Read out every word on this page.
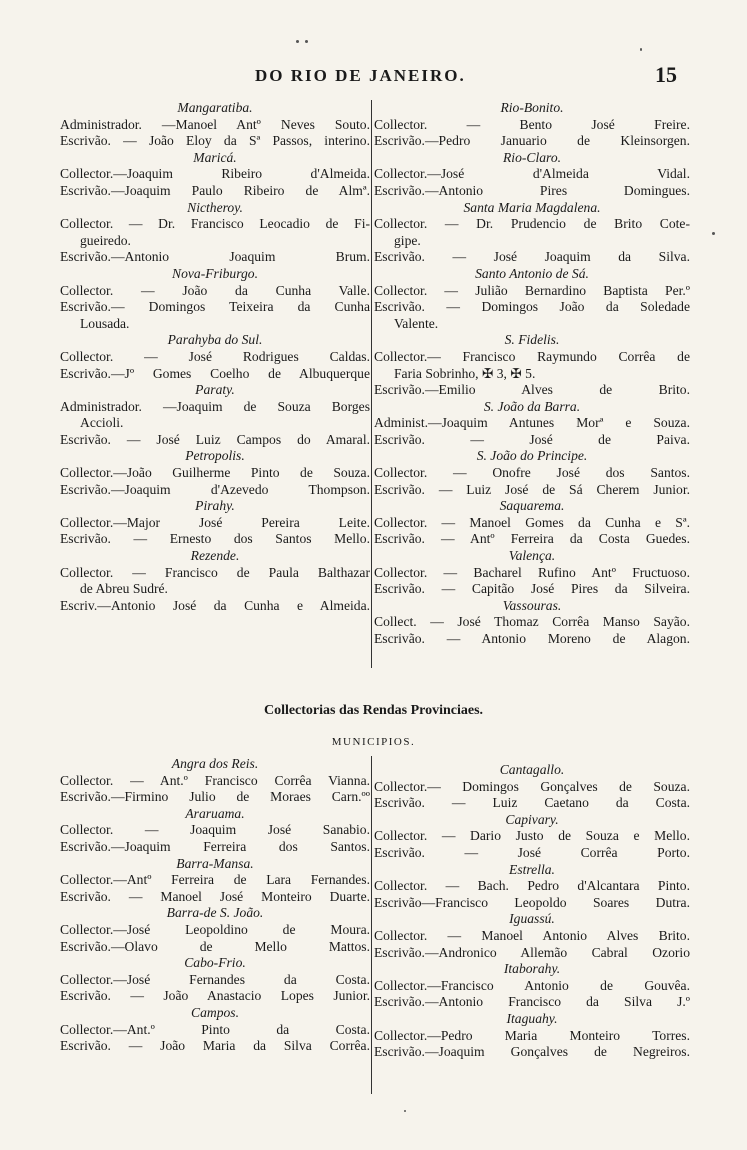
DO RIO DE JANEIRO.	15
Mangaratiba.
Administrador. —Manoel Antº Neves Souto.
Escrivão. — João Eloy da Sª Passos, interino.
Maricá.
Collector.—Joaquim Ribeiro d'Almeida.
Escrivão.—Joaquim Paulo Ribeiro de Almª.
Nictheroy.
Collector. — Dr. Francisco Leocadio de Fi-
gueiredo.
Escrivão.—Antonio Joaquim Brum.
Nova-Friburgo.
Collector. — João da Cunha Valle.
Escrivão.— Domingos Teixeira da Cunha
Lousada.
Parahyba do Sul.
Collector. — José Rodrigues Caldas.
Escrivão.—Jº Gomes Coelho de Albuquerque
Paraty.
Administrador. —Joaquim de Souza Borges
Accioli.
Escrivão. — José Luiz Campos do Amaral.
Petropolis.
Collector.—João Guilherme Pinto de Souza.
Escrivão.—Joaquim d'Azevedo Thompson.
Pirahy.
Collector.—Major José Pereira Leite.
Escrivão. — Ernesto dos Santos Mello.
Rezende.
Collector. — Francisco de Paula Balthazar
de Abreu Sudré.
Escriv.—Antonio José da Cunha e Almeida.
Rio-Bonito.
Collector. — Bento José Freire.
Escrivão.—Pedro Januario de Kleinsorgen.
Rio-Claro.
Collector.—José d'Almeida Vidal.
Escrivão.—Antonio Pires Domingues.
Santa Maria Magdalena.
Collector. — Dr. Prudencio de Brito Cote-
gipe.
Escrivão. — José Joaquim da Silva.
Santo Antonio de Sá.
Collector. — Julião Bernardino Baptista Per.º
Escrivão. — Domingos João da Soledade
Valente.
S. Fidelis.
Collector.— Francisco Raymundo Corrêa de
Faria Sobrinho, ✠ 3, ✠ 5.
Escrivão.—Emilio Alves de Brito.
S. João da Barra.
Administ.—Joaquim Antunes Morª e Souza.
Escrivão. — José de Paiva.
S. João do Principe.
Collector. — Onofre José dos Santos.
Escrivão. — Luiz José de Sá Cherem Junior.
Saquarema.
Collector. — Manoel Gomes da Cunha e Sª.
Escrivão. — Antº Ferreira da Costa Guedes.
Valença.
Collector. — Bacharel Rufino Antº Fructuoso.
Escrivão. — Capitão José Pires da Silveira.
Vassouras.
Collect. — José Thomaz Corrêa Manso Sayão.
Escrivão. — Antonio Moreno de Alagon.
Collectorias das Rendas Provinciaes.
MUNICIPIOS.
Angra dos Reis.
Collector. — Ant.º Francisco Corrêa Vianna.
Escrivão.—Firmino Julio de Moraes Carn.ºº
Araruama.
Collector. — Joaquim José Sanabio.
Escrivão.—Joaquim Ferreira dos Santos.
Barra-Mansa.
Collector.—Antº Ferreira de Lara Fernandes.
Escrivão. — Manoel José Monteiro Duarte.
Barra-de S. João.
Collector.—José Leopoldino de Moura.
Escrivão.—Olavo de Mello Mattos.
Cabo-Frio.
Collector.—José Fernandes da Costa.
Escrivão. — João Anastacio Lopes Junior.
Campos.
Collector.—Ant.º Pinto da Costa.
Escrivão. — João Maria da Silva Corrêa.
Cantagallo.
Collector.— Domingos Gonçalves de Souza.
Escrivão. — Luiz Caetano da Costa.
Capivary.
Collector. — Dario Justo de Souza e Mello.
Escrivão. — José Corrêa Porto.
Estrella.
Collector. — Bach. Pedro d'Alcantara Pinto.
Escrivão—Francisco Leopoldo Soares Dutra.
Iguassú.
Collector. — Manoel Antonio Alves Brito.
Escrivão.—Andronico Allemão Cabral Ozorio
Itaborahy.
Collector.—Francisco Antonio de Gouvêa.
Escrivão.—Antonio Francisco da Silva J.º
Itaguahy.
Collector.—Pedro Maria Monteiro Torres.
Escrivão.—Joaquim Gonçalves de Negreiros.
